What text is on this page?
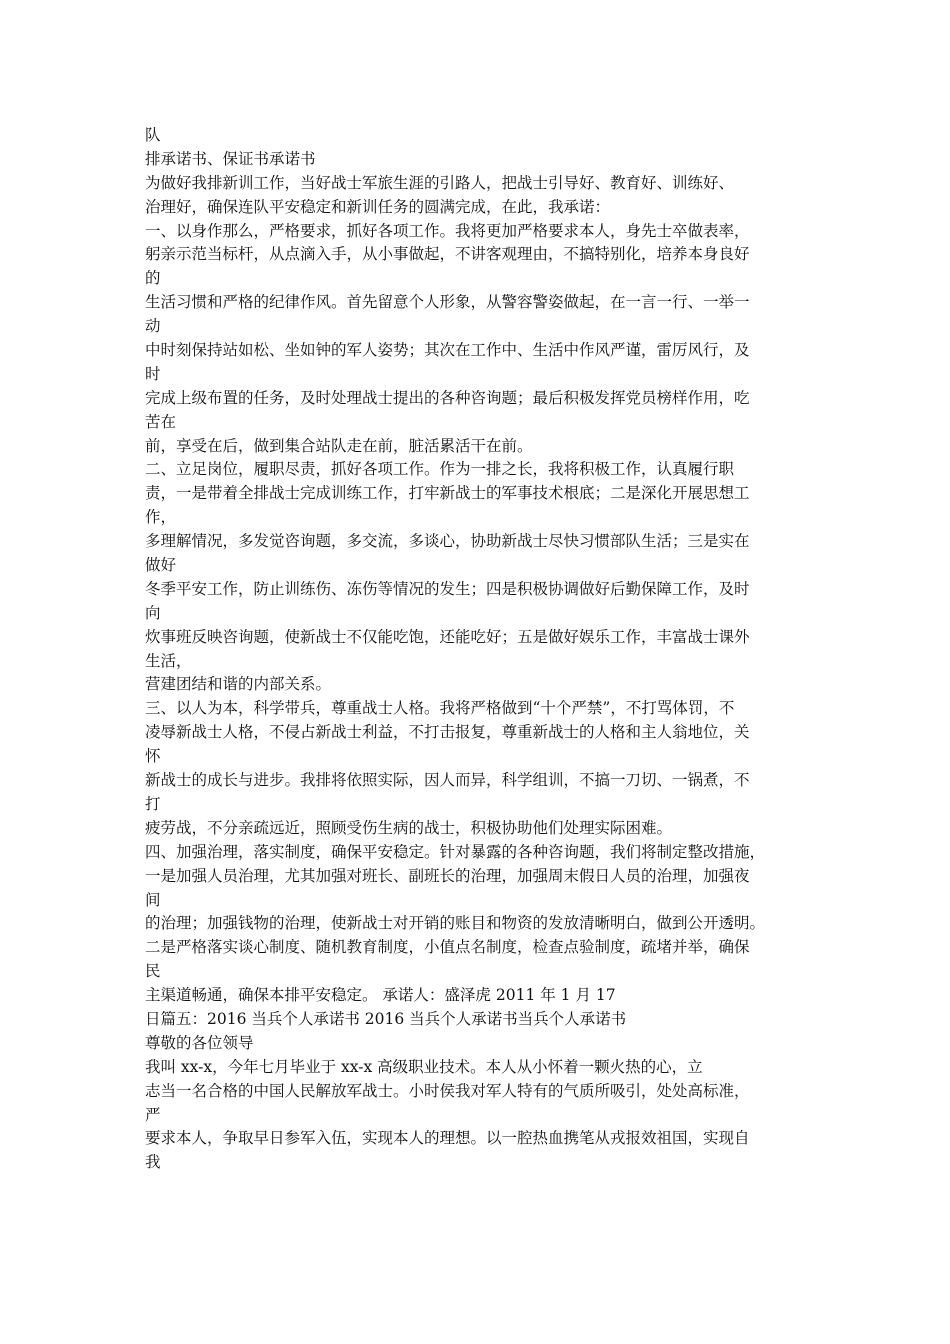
队
排承诺书、保证书承诺书
为做好我排新训工作，当好战士军旅生涯的引路人，把战士引导好、教育好、训练好、
治理好，确保连队平安稳定和新训任务的圆满完成，在此，我承诺：
一、以身作那么，严格要求，抓好各项工作。我将更加严格要求本人，身先士卒做表率，
躬亲示范当标杆，从点滴入手，从小事做起，不讲客观理由，不搞特别化，培养本身良好
的
生活习惯和严格的纪律作风。首先留意个人形象，从警容警姿做起，在一言一行、一举一
动
中时刻保持站如松、坐如钟的军人姿势；其次在工作中、生活中作风严谨，雷厉风行，及
时
完成上级布置的任务，及时处理战士提出的各种咨询题；最后积极发挥党员榜样作用，吃
苦在
前，享受在后，做到集合站队走在前，脏活累活干在前。
二、立足岗位，履职尽责，抓好各项工作。作为一排之长，我将积极工作，认真履行职
责，一是带着全排战士完成训练工作，打牢新战士的军事技术根底；二是深化开展思想工
作，
多理解情况，多发觉咨询题，多交流，多谈心，协助新战士尽快习惯部队生活；三是实在
做好
冬季平安工作，防止训练伤、冻伤等情况的发生；四是积极协调做好后勤保障工作，及时
向
炊事班反映咨询题，使新战士不仅能吃饱，还能吃好；五是做好娱乐工作，丰富战士课外
生活，
营建团结和谐的内部关系。
三、以人为本，科学带兵，尊重战士人格。我将严格做到“十个严禁”，不打骂体罚，不
凌辱新战士人格，不侵占新战士利益，不打击报复，尊重新战士的人格和主人翁地位，关
怀
新战士的成长与进步。我排将依照实际，因人而异，科学组训，不搞一刀切、一锅煮，不
打
疲劳战，不分亲疏远近，照顾受伤生病的战士，积极协助他们处理实际困难。
四、加强治理，落实制度，确保平安稳定。针对暴露的各种咨询题，我们将制定整改措施，
一是加强人员治理，尤其加强对班长、副班长的治理，加强周末假日人员的治理，加强夜
间
的治理；加强钱物的治理，使新战士对开销的账目和物资的发放清晰明白，做到公开透明。
二是严格落实谈心制度、随机教育制度，小值点名制度，检查点验制度，疏堵并举，确保
民
主渠道畅通，确保本排平安稳定。 承诺人：盛泽虎 2011 年 1 月 17
日篇五：2016 当兵个人承诺书 2016 当兵个人承诺书当兵个人承诺书
尊敬的各位领导
我叫 xx-x，今年七月毕业于 xx-x 高级职业技术。本人从小怀着一颗火热的心，立
志当一名合格的中国人民解放军战士。小时侯我对军人特有的气质所吸引，处处高标准，
严
要求本人，争取早日参军入伍，实现本人的理想。以一腔热血携笔从戎报效祖国，实现自
我
